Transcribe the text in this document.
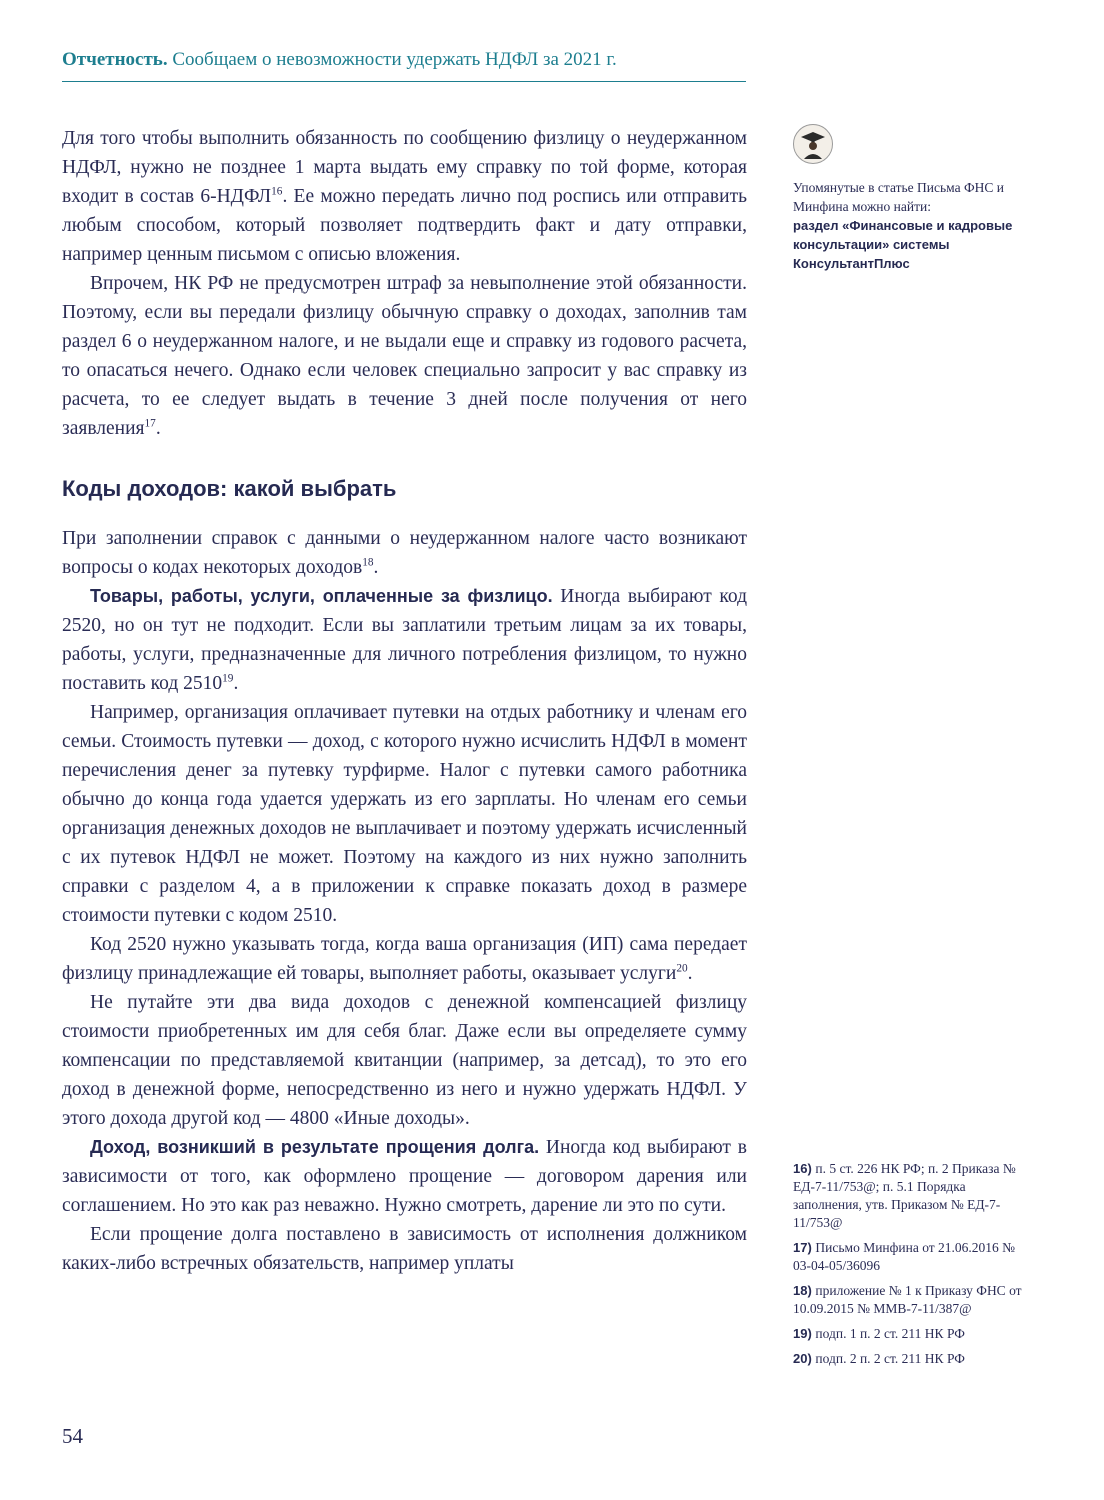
Отчетность. Сообщаем о невозможности удержать НДФЛ за 2021 г.

Для того чтобы выполнить обязанность по сообщению физлицу о неудержанном НДФЛ, нужно не позднее 1 марта выдать ему справку по той форме, которая входит в состав 6-НДФЛ$^{16}$. Ее можно передать лично под роспись или отправить любым способом, который позволяет подтвердить факт и дату отправки, например ценным письмом с описью вложения.

Впрочем, НК РФ не предусмотрен штраф за невыполнение этой обязанности. Поэтому, если вы передали физлицу обычную справку о доходах, заполнив там раздел 6 о неудержанном налоге, и не выдали еще и справку из годового расчета, то опасаться нечего. Однако если человек специально запросит у вас справку из расчета, то ее следует выдать в течение 3 дней после получения от него заявления$^{17}$.

Коды доходов: какой выбрать

При заполнении справок с данными о неудержанном налоге часто возникают вопросы о кодах некоторых доходов$^{18}$.

Товары, работы, услуги, оплаченные за физлицо. Иногда выбирают код 2520, но он тут не подходит. Если вы заплатили третьим лицам за их товары, работы, услуги, предназначенные для личного потребления физлицом, то нужно поставить код 2510$^{19}$.

Например, организация оплачивает путевки на отдых работнику и членам его семьи. Стоимость путевки — доход, с которого нужно исчислить НДФЛ в момент перечисления денег за путевку турфирме. Налог с путевки самого работника обычно до конца года удается удержать из его зарплаты. Но членам его семьи организация денежных доходов не выплачивает и поэтому удержать исчисленный с их путевок НДФЛ не может. Поэтому на каждого из них нужно заполнить справки с разделом 4, а в приложении к справке показать доход в размере стоимости путевки с кодом 2510.

Код 2520 нужно указывать тогда, когда ваша организация (ИП) сама передает физлицу принадлежащие ей товары, выполняет работы, оказывает услуги$^{20}$.

Не путайте эти два вида доходов с денежной компенсацией физлицу стоимости приобретенных им для себя благ. Даже если вы определяете сумму компенсации по представляемой квитанции (например, за детсад), то это его доход в денежной форме, непосредственно из него и нужно удержать НДФЛ. У этого дохода другой код — 4800 «Иные доходы».

Доход, возникший в результате прощения долга. Иногда код выбирают в зависимости от того, как оформлено прощение — договором дарения или соглашением. Но это как раз неважно. Нужно смотреть, дарение ли это по сути.

Если прощение долга поставлено в зависимость от исполнения должником каких-либо встречных обязательств, например уплаты

Упомянутые в статье Письма ФНС и Минфина можно найти:
раздел «Финансовые и кадровые консультации» системы КонсультантПлюс
16) п. 5 ст. 226 НК РФ; п. 2 Приказа № ЕД-7-11/753@; п. 5.1 Порядка заполнения, утв. Приказом № ЕД-7-11/753@
17) Письмо Минфина от 21.06.2016 № 03-04-05/36096
18) приложение № 1 к Приказу ФНС от 10.09.2015 № ММВ-7-11/387@
19) подп. 1 п. 2 ст. 211 НК РФ
20) подп. 2 п. 2 ст. 211 НК РФ
54
